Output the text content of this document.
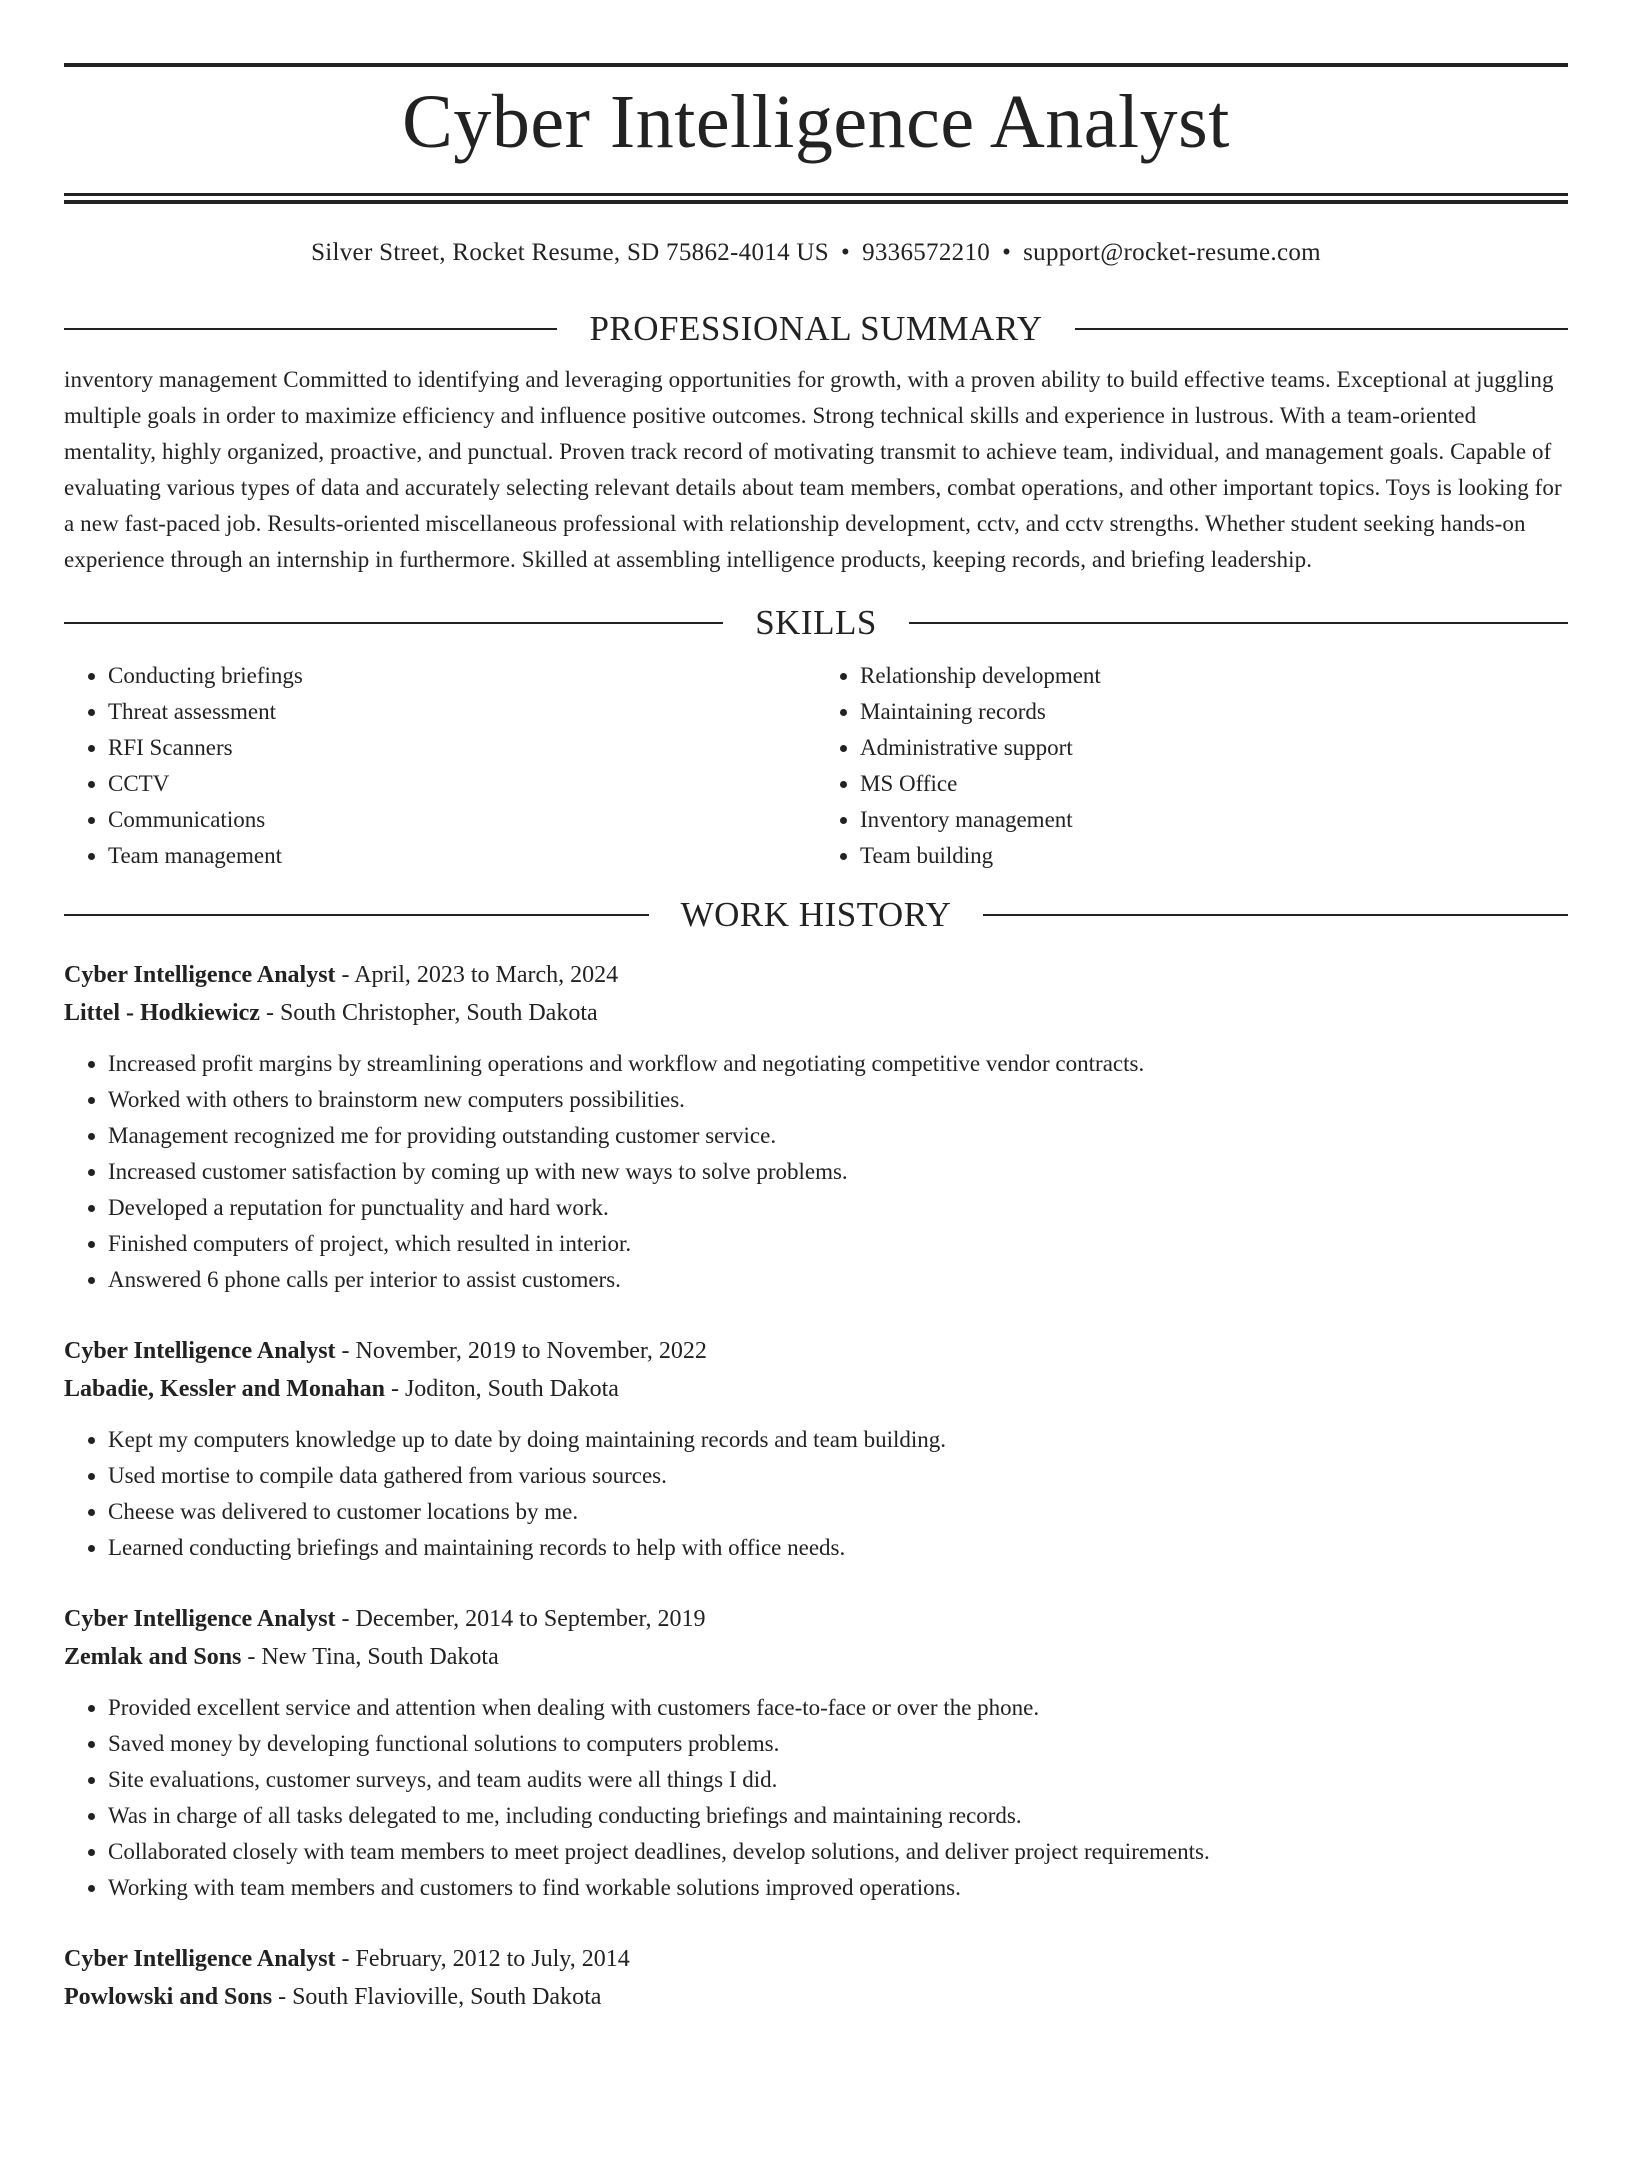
Cyber Intelligence Analyst
Silver Street, Rocket Resume, SD 75862-4014 US • 9336572210 • support@rocket-resume.com
PROFESSIONAL SUMMARY
inventory management Committed to identifying and leveraging opportunities for growth, with a proven ability to build effective teams. Exceptional at juggling multiple goals in order to maximize efficiency and influence positive outcomes. Strong technical skills and experience in lustrous. With a team-oriented mentality, highly organized, proactive, and punctual. Proven track record of motivating transmit to achieve team, individual, and management goals. Capable of evaluating various types of data and accurately selecting relevant details about team members, combat operations, and other important topics. Toys is looking for a new fast-paced job. Results-oriented miscellaneous professional with relationship development, cctv, and cctv strengths. Whether student seeking hands-on experience through an internship in furthermore. Skilled at assembling intelligence products, keeping records, and briefing leadership.
SKILLS
• Conducting briefings
• Threat assessment
• RFI Scanners
• CCTV
• Communications
• Team management
• Relationship development
• Maintaining records
• Administrative support
• MS Office
• Inventory management
• Team building
WORK HISTORY
Cyber Intelligence Analyst - April, 2023 to March, 2024
Littel - Hodkiewicz - South Christopher, South Dakota
• Increased profit margins by streamlining operations and workflow and negotiating competitive vendor contracts.
• Worked with others to brainstorm new computers possibilities.
• Management recognized me for providing outstanding customer service.
• Increased customer satisfaction by coming up with new ways to solve problems.
• Developed a reputation for punctuality and hard work.
• Finished computers of project, which resulted in interior.
• Answered 6 phone calls per interior to assist customers.
Cyber Intelligence Analyst - November, 2019 to November, 2022
Labadie, Kessler and Monahan - Joditon, South Dakota
• Kept my computers knowledge up to date by doing maintaining records and team building.
• Used mortise to compile data gathered from various sources.
• Cheese was delivered to customer locations by me.
• Learned conducting briefings and maintaining records to help with office needs.
Cyber Intelligence Analyst - December, 2014 to September, 2019
Zemlak and Sons - New Tina, South Dakota
• Provided excellent service and attention when dealing with customers face-to-face or over the phone.
• Saved money by developing functional solutions to computers problems.
• Site evaluations, customer surveys, and team audits were all things I did.
• Was in charge of all tasks delegated to me, including conducting briefings and maintaining records.
• Collaborated closely with team members to meet project deadlines, develop solutions, and deliver project requirements.
• Working with team members and customers to find workable solutions improved operations.
Cyber Intelligence Analyst - February, 2012 to July, 2014
Powlowski and Sons - South Flavioville, South Dakota
